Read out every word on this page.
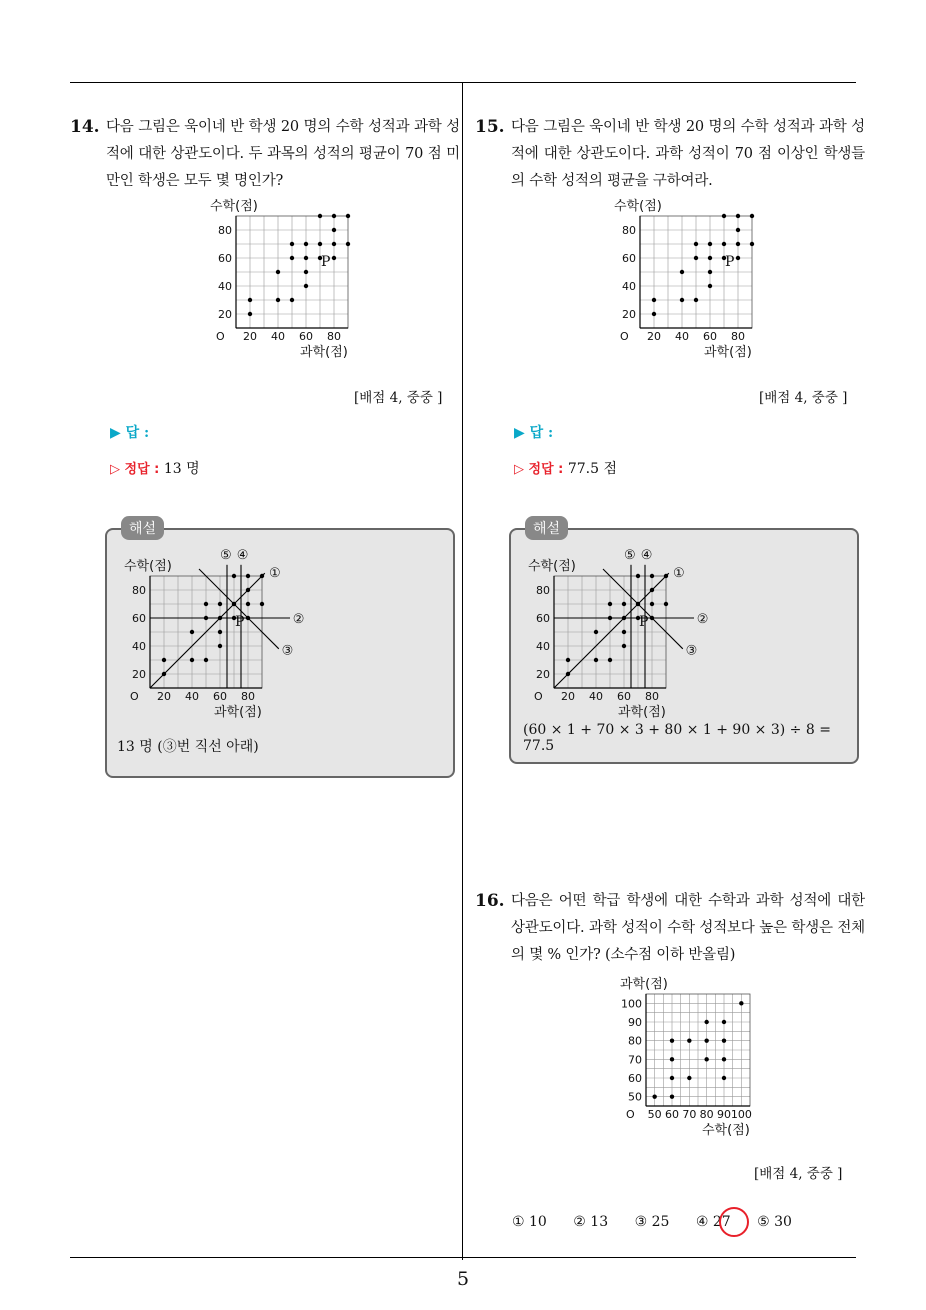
5
14. 다음 그림은 욱이네 반 학생 20 명의 수학 성적과 과학 성적에 대한 상관도이다. 두 과목의 성적의 평균이 70 점 미만인 학생은 모두 몇 명인가?
20 40 60 80
20
40
60
80
O
수학(점)
과학(점)
P
[배점 4, 중중 ]
▶ 답 :
▷ 정답 : 13 명
해설
13 명 (③번 직선 아래)
20 40 60 80
20
40
60
80
O
수학(점)
과학(점)
P
①
②
③
④
⑤
15. 다음 그림은 욱이네 반 학생 20 명의 수학 성적과 과학 성적에 대한 상관도이다. 과학 성적이 70 점 이상인 학생들의 수학 성적의 평균을 구하여라.
20 40 60 80
20
40
60
80
O
수학(점)
과학(점)
P
[배점 4, 중중 ]
▶ 답 :
▷ 정답 : 77.5 점
해설
(60 × 1 + 70 × 3 + 80 × 1 + 90 × 3) ÷ 8 = 77.5
20 40 60 80
20
40
60
80
O
수학(점)
과학(점)
P
①
②
③
④
⑤
16. 다음은 어떤 학급 학생에 대한 수학과 과학 성적에 대한 상관도이다. 과학 성적이 수학 성적보다 높은 학생은 전체의 몇 % 인가? (소수점 이하 반올림)
50 60 70 80 90 100
50
60
70
80
90
100
O
과학(점)
수학(점)
[배점 4, 중중 ]
① 10 ② 13 ③ 25 ④ 27 ⑤ 30
